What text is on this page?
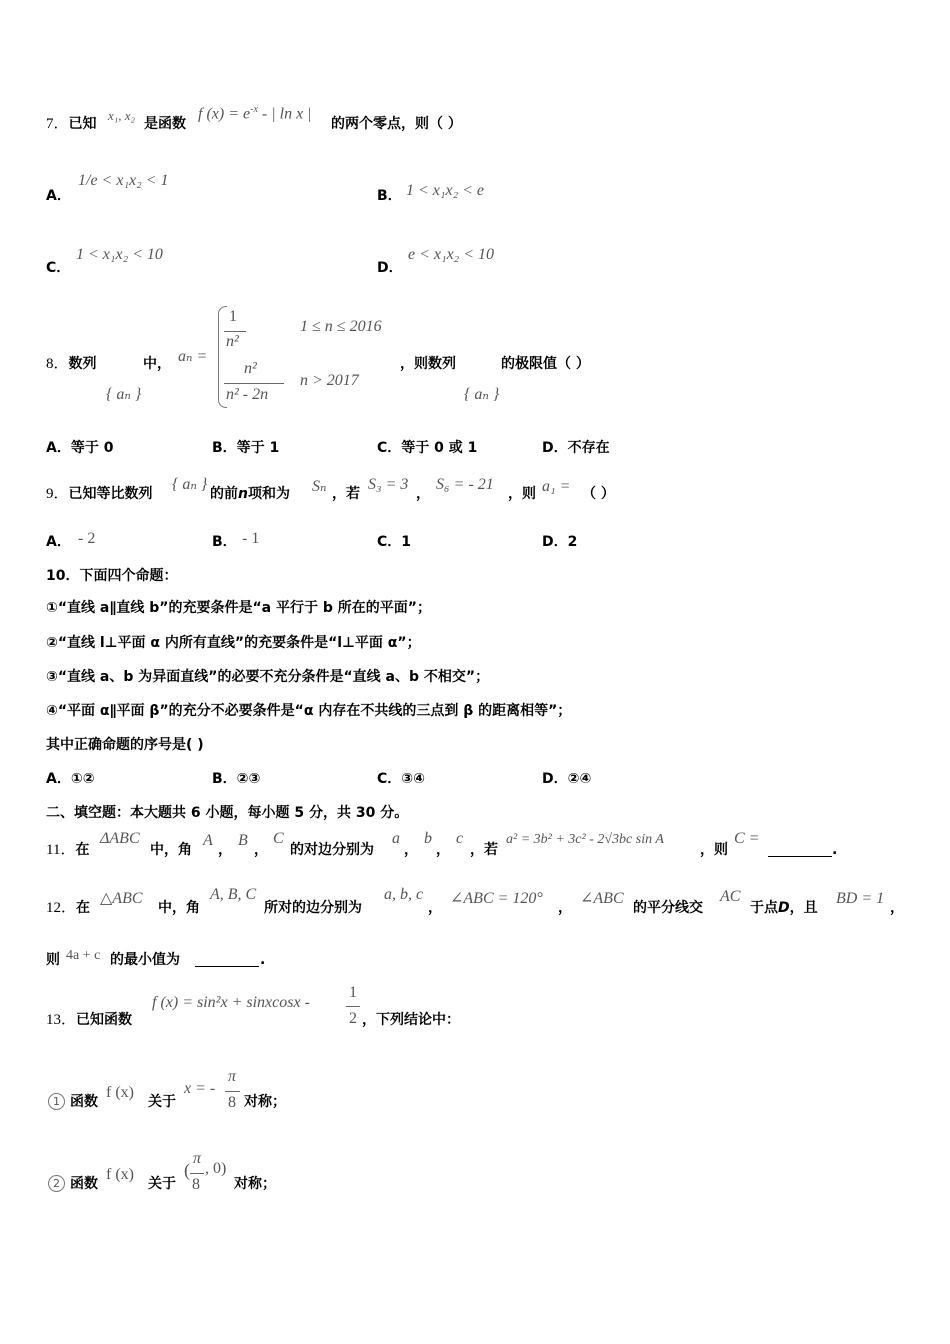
7．已知
x₁, x₂
是函数
f $(x) = e^{-x}$ - | ln x |
的两个零点，则（ ）
A．
1/e < x₁x₂ < 1
B． 1 < x₁x₂ < e
C．
1 < x₁x₂ < 10
D．
e < x₁x₂ < 10
8．数列
{ aₙ }
中， aₙ =
1
n²
1 ≤ n ≤ 2016
n²
n² - 2n
n > 2017
，则数列
{ aₙ }
的极限值（ ）
A．等于 0	B．等于 1	C．等于 0 或 1	D．不存在
9．已知等比数列
{ aₙ }
的前n项和为 Sₙ ，若
S₃ = 3
，
S₆ = - 21
，则 a₁ = （ ）
A． - 2	B． - 1	C．1	D．2
10．下面四个命题：
①“直线 a∥直线 b”的充要条件是“a 平行于 b 所在的平面”；
②“直线 l⊥平面 α 内所有直线”的充要条件是“l⊥平面 α”；
③“直线 a、b 为异面直线”的必要不充分条件是“直线 a、b 不相交”；
④“平面 α∥平面 β”的充分不必要条件是“α 内存在不共线的三点到 β 的距离相等”；
其中正确命题的序号是( )
A．①②	B．②③	C．③④	D．②④
二、填空题：本大题共 6 小题，每小题 5 分，共 30 分。
11．在
ΔABC
中，角
A
，
B
，
C
的对边分别为
a
，
b
，
c
，若
a² = 3b² + 3c² - 2√3bc sin A
，则
C =
.
12．在
△ABC
中，角
A, B, C
所对的边分别为
a, b, c
，
∠ABC = 120°
，
∠ABC
的平分线交
AC
于点D，且
BD = 1
，
则 4a + c 的最小值为	.
13．已知函数
f (x) = sin²x + sinxcosx -
1
2 ，下列结论中：
1 函数
f (x)
关于
x = -
π
8 对称；
2 函数
f (x)
关于
(
π
8
, 0)
对称；
